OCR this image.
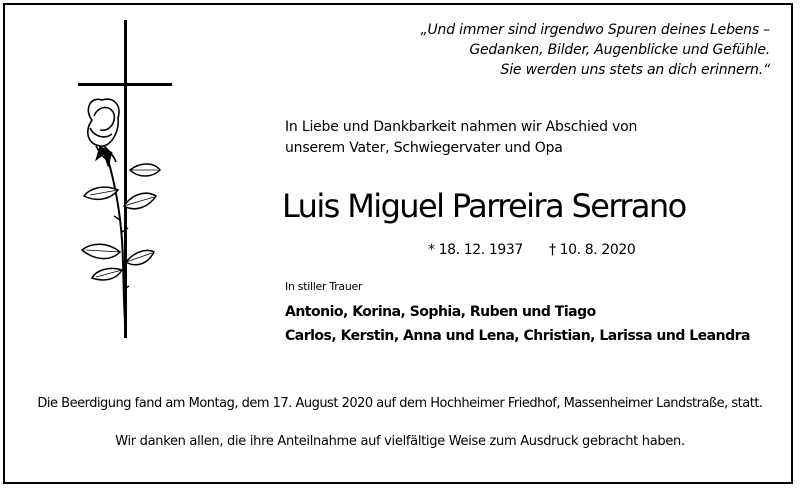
„Und immer sind irgendwo Spuren deines Lebens –
Gedanken, Bilder, Augenblicke und Gefühle.
Sie werden uns stets an dich erinnern.“
In Liebe und Dankbarkeit nahmen wir Abschied von
unserem Vater, Schwiegervater und Opa
Luis Miguel Parreira Serrano
* 18. 12. 1937 † 10. 8. 2020
In stiller Trauer
Antonio, Korina, Sophia, Ruben und Tiago
Carlos, Kerstin, Anna und Lena, Christian, Larissa und Leandra
Die Beerdigung fand am Montag, dem 17. August 2020 auf dem Hochheimer Friedhof, Massenheimer Landstraße, statt.
Wir danken allen, die ihre Anteilnahme auf vielfältige Weise zum Ausdruck gebracht haben.
